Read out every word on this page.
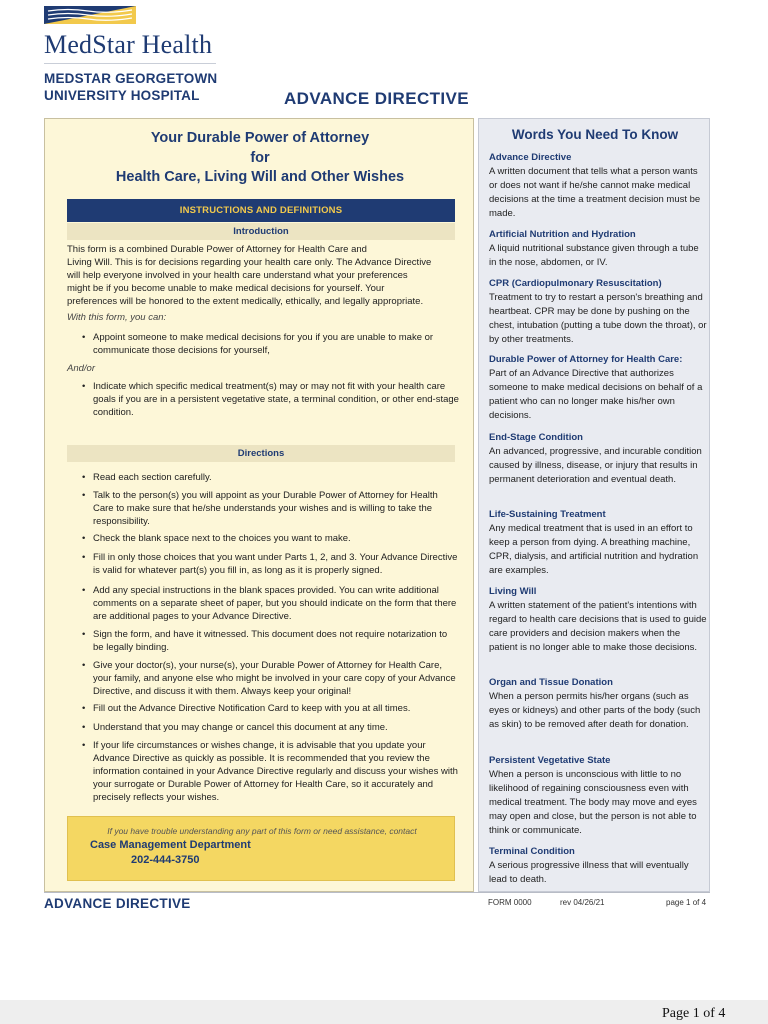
MedStar Health
MEDSTAR GEORGETOWN
UNIVERSITY HOSPITAL	ADVANCE DIRECTIVE
Your Durable Power of Attorney
for
Health Care, Living Will and Other Wishes
INSTRUCTIONS AND DEFINITIONS
Introduction
This form is a combined Durable Power of Attorney for Health Care and
Living Will. This is for decisions regarding your health care only. The Advance Directive
will help everyone involved in your health care understand what your preferences
might be if you become unable to make medical decisions for yourself. Your
preferences will be honored to the extent medically, ethically, and legally appropriate.
With this form, you can:
• Appoint someone to make medical decisions for you if you are unable to make or communicate those decisions for yourself,
And/or
• Indicate which specific medical treatment(s) may or may not fit with your health care goals if you are in a persistent vegetative state, a terminal condition, or other end-stage condition.
Directions
• Read each section carefully.
• Talk to the person(s) you will appoint as your Durable Power of Attorney for Health Care to make sure that he/she understands your wishes and is willing to take the responsibility.
• Check the blank space next to the choices you want to make.
• Fill in only those choices that you want under Parts 1, 2, and 3. Your Advance Directive is valid for whatever part(s) you fill in, as long as it is properly signed.
• Add any special instructions in the blank spaces provided. You can write additional comments on a separate sheet of paper, but you should indicate on the form that there are additional pages to your Advance Directive.
• Sign the form, and have it witnessed. This document does not require notarization to be legally binding.
• Give your doctor(s), your nurse(s), your Durable Power of Attorney for Health Care, your family, and anyone else who might be involved in your care copy of your Advance Directive, and discuss it with them. Always keep your original!
• Fill out the Advance Directive Notification Card to keep with you at all times.
• Understand that you may change or cancel this document at any time.
• If your life circumstances or wishes change, it is advisable that you update your Advance Directive as quickly as possible. It is recommended that you review the information contained in your Advance Directive regularly and discuss your wishes with your surrogate or Durable Power of Attorney for Health Care, so it accurately and precisely reflects your wishes.
If you have trouble understanding any part of this form or need assistance, contact
Case Management Department
202-444-3750
Words You Need To Know
Advance Directive
A written document that tells what a person wants or does not want if he/she cannot make medical decisions at the time a treatment decision must be made.
Artificial Nutrition and Hydration
A liquid nutritional substance given through a tube in the nose, abdomen, or IV.
CPR (Cardiopulmonary Resuscitation)
Treatment to try to restart a person's breathing and heartbeat. CPR may be done by pushing on the chest, intubation (putting a tube down the throat), or by other treatments.
Durable Power of Attorney for Health Care:
Part of an Advance Directive that authorizes someone to make medical decisions on behalf of a patient who can no longer make his/her own decisions.
End-Stage Condition
An advanced, progressive, and incurable condition caused by illness, disease, or injury that results in permanent deterioration and eventual death.
Life-Sustaining Treatment
Any medical treatment that is used in an effort to keep a person from dying. A breathing machine, CPR, dialysis, and artificial nutrition and hydration are examples.
Living Will
A written statement of the patient's intentions with regard to health care decisions that is used to guide care providers and decision makers when the patient is no longer able to make those decisions.
Organ and Tissue Donation
When a person permits his/her organs (such as eyes or kidneys) and other parts of the body (such as skin) to be removed after death for donation.
Persistent Vegetative State
When a person is unconscious with little to no likelihood of regaining consciousness even with medical treatment. The body may move and eyes may open and close, but the person is not able to think or communicate.
Terminal Condition
A serious progressive illness that will eventually lead to death.
ADVANCE DIRECTIVE	FORM 0000	rev 04/26/21	page 1 of 4
Page 1 of 4
